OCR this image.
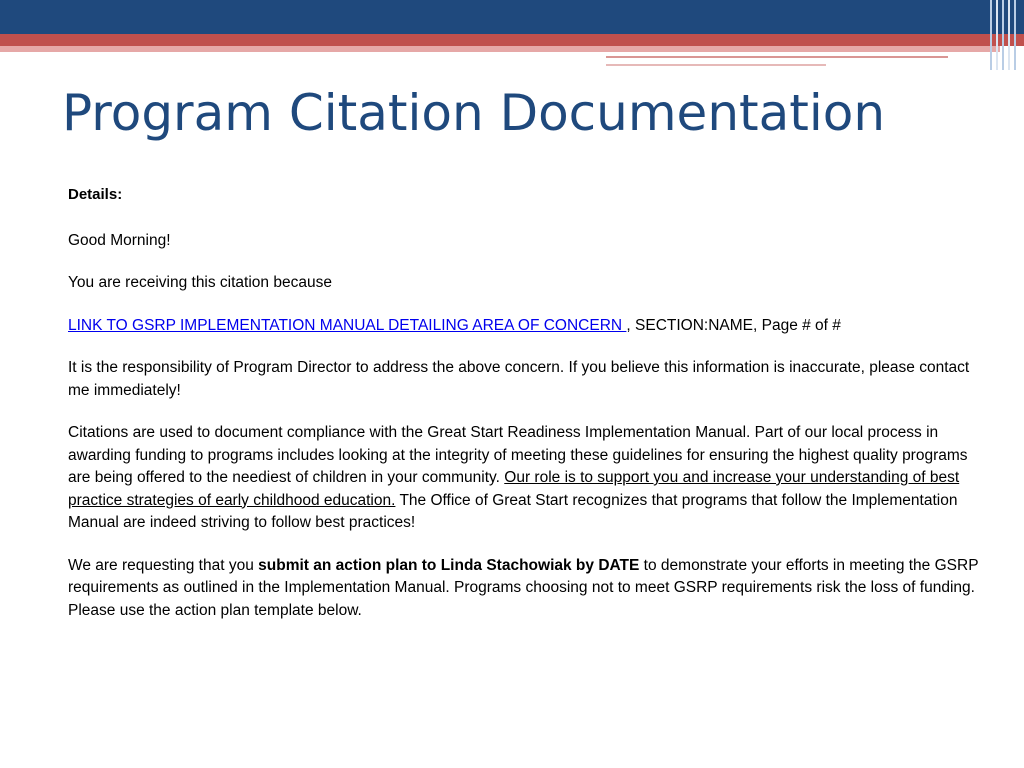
Program Citation Documentation

Details:

Good Morning!

You are receiving this citation because

LINK TO GSRP IMPLEMENTATION MANUAL DETAILING AREA OF CONCERN , SECTION:NAME, Page # of #

It is the responsibility of Program Director to address the above concern. If you believe this information is inaccurate, please contact me immediately!

Citations are used to document compliance with the Great Start Readiness Implementation Manual. Part of our local process in awarding funding to programs includes looking at the integrity of meeting these guidelines for ensuring the highest quality programs are being offered to the neediest of children in your community. Our role is to support you and increase your understanding of best practice strategies of early childhood education. The Office of Great Start recognizes that programs that follow the Implementation Manual are indeed striving to follow best practices!

We are requesting that you submit an action plan to Linda Stachowiak by DATE to demonstrate your efforts in meeting the GSRP requirements as outlined in the Implementation Manual. Programs choosing not to meet GSRP requirements risk the loss of funding. Please use the action plan template below.
